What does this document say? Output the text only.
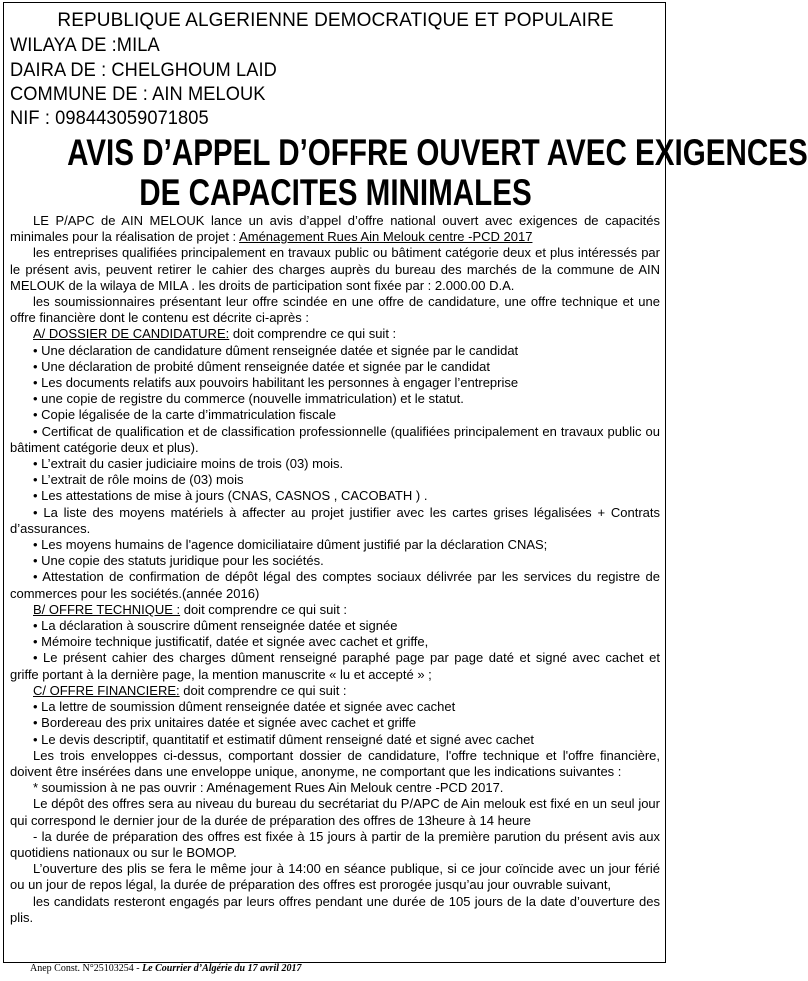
REPUBLIQUE ALGERIENNE DEMOCRATIQUE ET POPULAIRE
WILAYA DE :MILA
DAIRA DE : CHELGHOUM LAID
COMMUNE DE : AIN MELOUK
NIF : 098443059071805
AVIS D’APPEL D’OFFRE OUVERT AVEC EXIGENCES
DE CAPACITES MINIMALES

LE P/APC de AIN MELOUK lance un avis d’appel d’offre national ouvert avec exigences de capacités minimales pour la réalisation de projet : Aménagement Rues Ain Melouk centre -PCD 2017

les entreprises qualifiées principalement en travaux public ou bâtiment catégorie deux et plus intéressés par le présent avis, peuvent retirer le cahier des charges auprès du bureau des marchés de la commune de AIN MELOUK de la wilaya de MILA . les droits de participation sont fixée par : 2.000.00 D.A.

les soumissionnaires présentant leur offre scindée en une offre de candidature, une offre technique et une offre financière dont le contenu est décrite ci-après :

A/ DOSSIER DE CANDIDATURE: doit comprendre ce qui suit :

• Une déclaration de candidature dûment renseignée datée et signée par le candidat

• Une déclaration de probité dûment renseignée datée et signée par le candidat

• Les documents relatifs aux pouvoirs habilitant les personnes à engager l’entreprise

• une copie de registre du commerce (nouvelle immatriculation) et le statut.

• Copie légalisée de la carte d’immatriculation fiscale

• Certificat de qualification et de classification professionnelle (qualifiées principalement en travaux public ou bâtiment catégorie deux et plus).

• L’extrait du casier judiciaire moins de trois (03) mois.

• L’extrait de rôle moins de (03) mois

• Les attestations de mise à jours (CNAS, CASNOS , CACOBATH ) .

• La liste des moyens matériels à affecter au projet justifier avec les cartes grises légalisées + Contrats d’assurances.

• Les moyens humains de l'agence domiciliataire dûment justifié par la déclaration CNAS;

• Une copie des statuts juridique pour les sociétés.

• Attestation de confirmation de dépôt légal des comptes sociaux délivrée par les services du registre de commerces pour les sociétés.(année 2016)

B/ OFFRE TECHNIQUE : doit comprendre ce qui suit :

• La déclaration à souscrire dûment renseignée datée et signée

• Mémoire technique justificatif, datée et signée avec cachet et griffe,

• Le présent cahier des charges dûment renseigné paraphé page par page daté et signé avec cachet et griffe portant à la dernière page, la mention manuscrite « lu et accepté » ;

C/ OFFRE FINANCIERE: doit comprendre ce qui suit :

• La lettre de soumission dûment renseignée datée et signée avec cachet

• Bordereau des prix unitaires datée et signée avec cachet et griffe

• Le devis descriptif, quantitatif et estimatif dûment renseigné daté et signé avec cachet

Les trois enveloppes ci-dessus, comportant dossier de candidature, l'offre technique et l'offre financière, doivent être insérées dans une enveloppe unique, anonyme, ne comportant que les indications suivantes :

* soumission à ne pas ouvrir : Aménagement Rues Ain Melouk centre -PCD 2017.

Le dépôt des offres sera au niveau du bureau du secrétariat du P/APC de Ain melouk est fixé en un seul jour qui correspond le dernier jour de la durée de préparation des offres de 13heure à 14 heure

- la durée de préparation des offres est fixée à 15 jours à partir de la première parution du présent avis aux quotidiens nationaux ou sur le BOMOP.

L’ouverture des plis se fera le même jour à 14:00 en séance publique, si ce jour coïncide avec un jour férié ou un jour de repos légal, la durée de préparation des offres est prorogée jusqu’au jour ouvrable suivant,

les candidats resteront engagés par leurs offres pendant une durée de 105 jours de la date d’ouverture des plis.

Anep Const. N°25103254 - Le Courrier d’Algérie du 17 avril 2017
